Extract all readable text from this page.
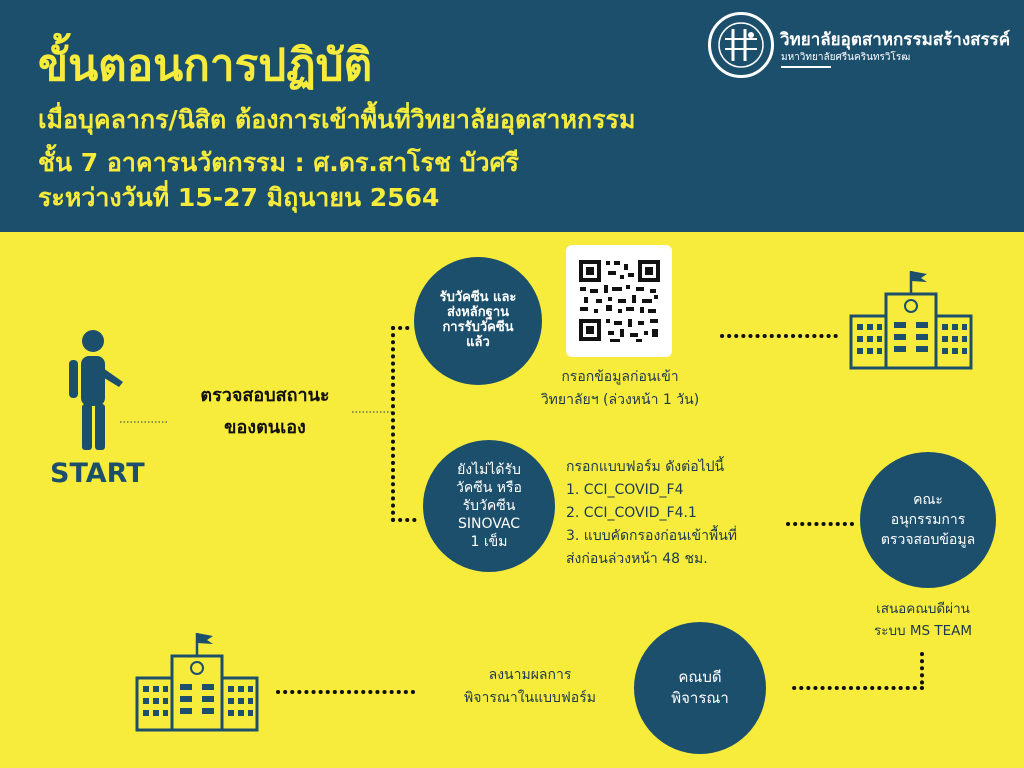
ขั้นตอนการปฏิบัติ
เมื่อบุคลากร/นิสิต ต้องการเข้าพื้นที่วิทยาลัยอุตสาหกรรม
ชั้น 7 อาคารนวัตกรรม : ศ.ดร.สาโรช บัวศรี
ระหว่างวันที่ 15-27 มิถุนายน 2564
วิทยาลัยอุตสาหกรรมสร้างสรรค์
มหาวิทยาลัยศรีนครินทรวิโรฒ
START
ตรวจสอบสถานะ
ของตนเอง
รับวัคซีน และ
ส่งหลักฐาน
การรับวัคซีน
แล้ว
กรอกข้อมูลก่อนเข้า
วิทยาลัยฯ (ล่วงหน้า 1 วัน)
ยังไม่ได้รับ
วัคซีน หรือ
รับวัคซีน
SINOVAC
1 เข็ม
กรอกแบบฟอร์ม ดังต่อไปนี้
1. CCI_COVID_F4
2. CCI_COVID_F4.1
3. แบบคัดกรองก่อนเข้าพื้นที่
ส่งก่อนล่วงหน้า 48 ชม.
คณะ
อนุกรรมการ
ตรวจสอบข้อมูล
เสนอคณบดีผ่าน
ระบบ MS TEAM
คณบดี
พิจารณา
ลงนามผลการ
พิจารณาในแบบฟอร์ม
